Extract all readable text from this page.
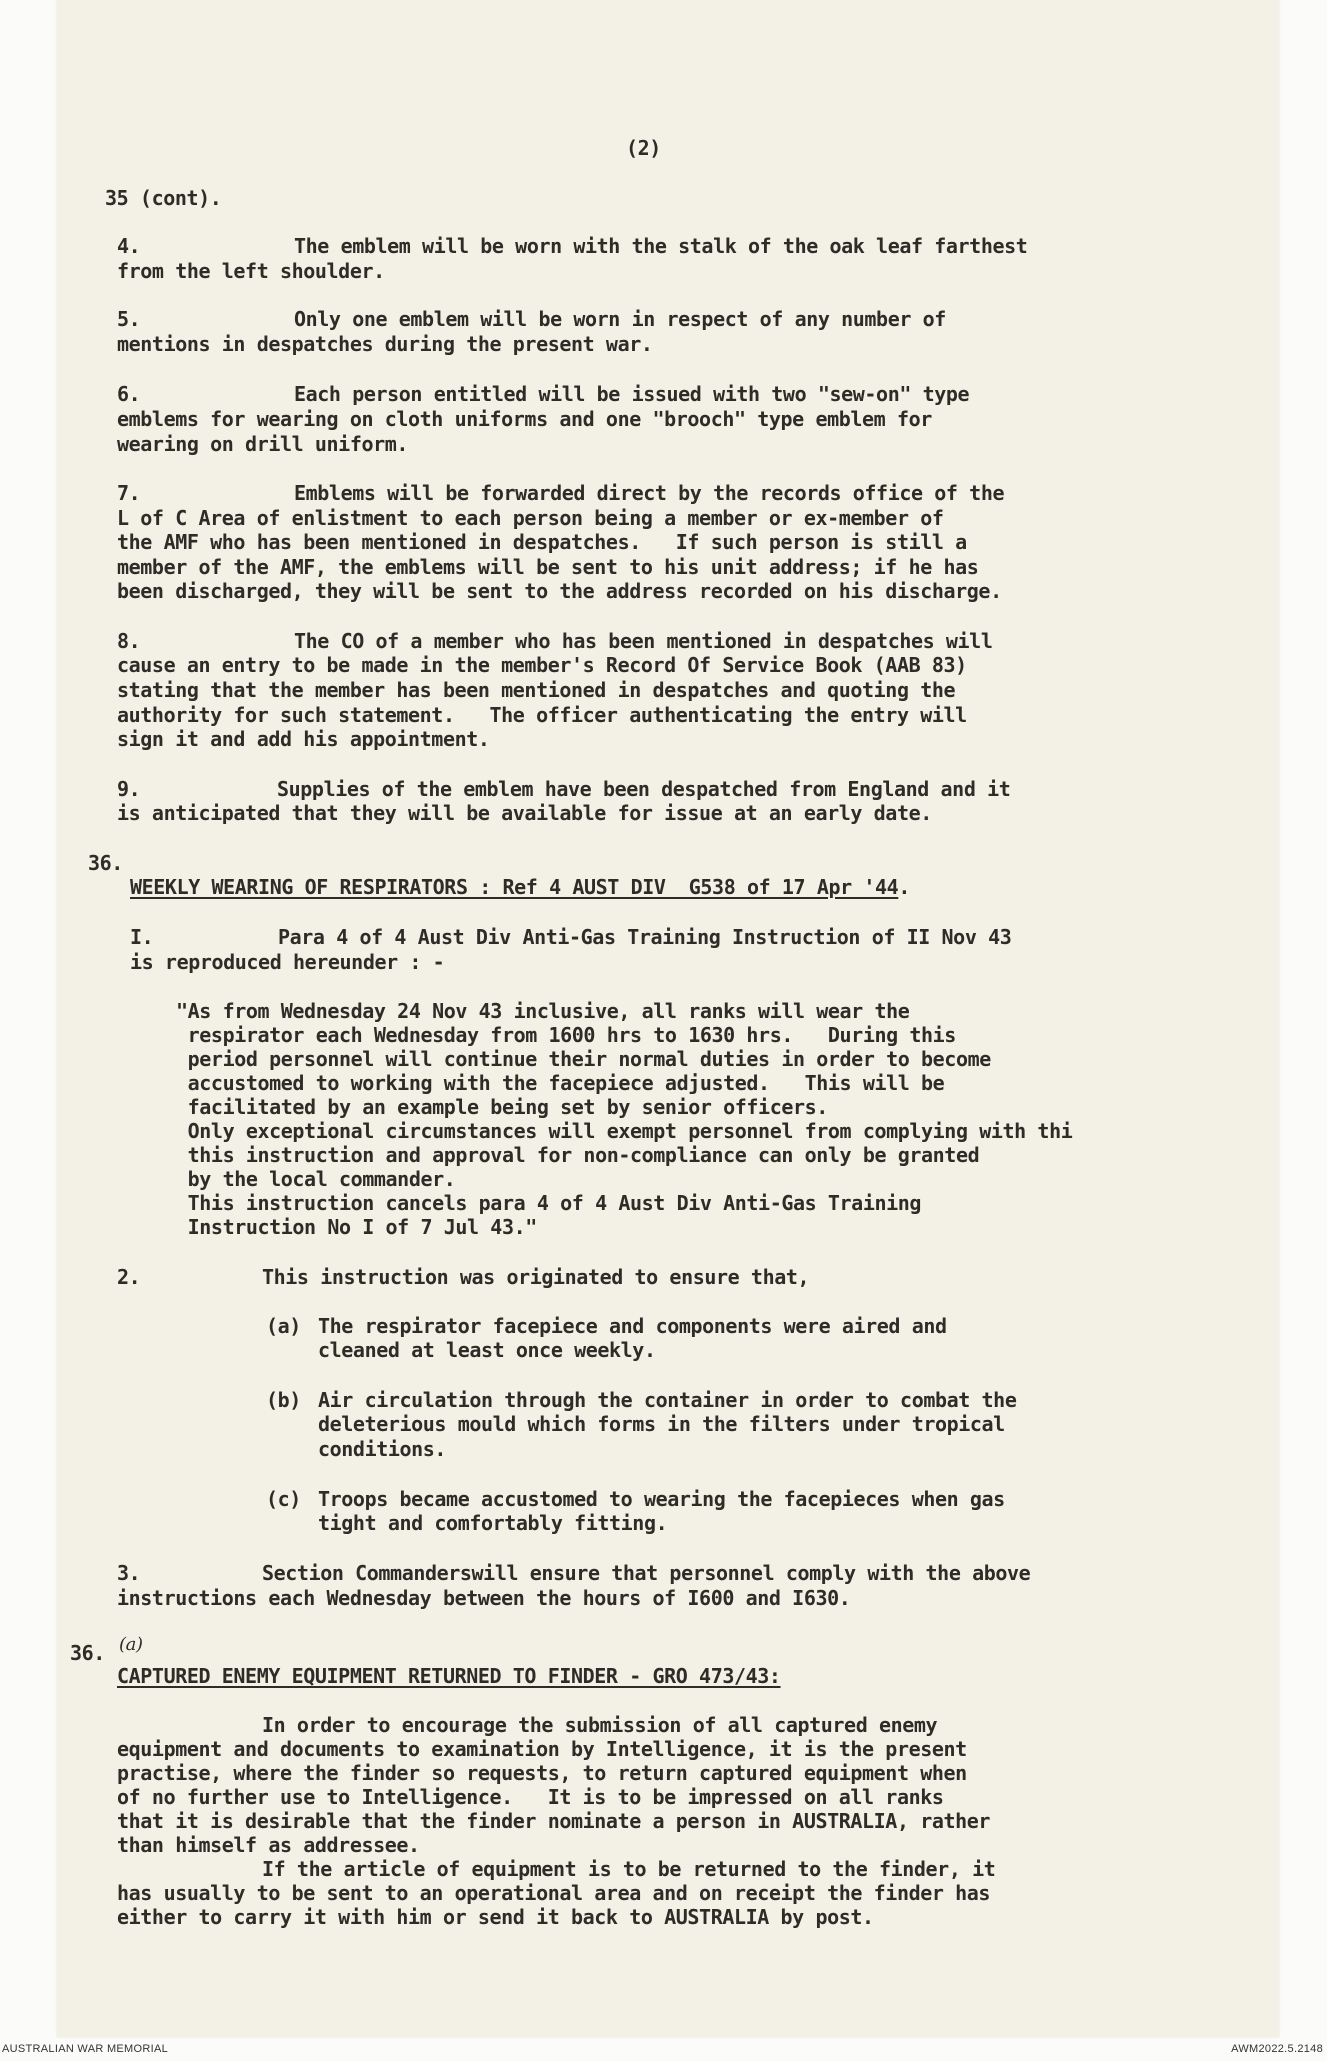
(2)
35 (cont).
4.	The emblem will be worn with the stalk of the oak leaf farthest
from the left shoulder.
5.	Only one emblem will be worn in respect of any number of
mentions in despatches during the present war.
6.	Each person entitled will be issued with two "sew-on" type
emblems for wearing on cloth uniforms and one "brooch" type emblem for
wearing on drill uniform.
7.	Emblems will be forwarded direct by the records office of the
L of C Area of enlistment to each person being a member or ex-member of
the AMF who has been mentioned in despatches.   If such person is still a
member of the AMF, the emblems will be sent to his unit address; if he has
been discharged, they will be sent to the address recorded on his discharge.
8.	The CO of a member who has been mentioned in despatches will
cause an entry to be made in the member's Record Of Service Book (AAB 83)
stating that the member has been mentioned in despatches and quoting the
authority for such statement.   The officer authenticating the entry will
sign it and add his appointment.
9.	Supplies of the emblem have been despatched from England and it
is anticipated that they will be available for issue at an early date.
36.
WEEKLY WEARING OF RESPIRATORS : Ref 4 AUST DIV  G538 of 17 Apr '44.
I.	Para 4 of 4 Aust Div Anti-Gas Training Instruction of II Nov 43
is reproduced hereunder : -
"As from Wednesday 24 Nov 43 inclusive, all ranks will wear the
respirator each Wednesday from 1600 hrs to 1630 hrs.   During this
period personnel will continue their normal duties in order to become
accustomed to working with the facepiece adjusted.   This will be
facilitated by an example being set by senior officers.
Only exceptional circumstances will exempt personnel from complying with thi
this instruction and approval for non-compliance can only be granted
by the local commander.
This instruction cancels para 4 of 4 Aust Div Anti-Gas Training
Instruction No I of 7 Jul 43."
2.	This instruction was originated to ensure that,
(a) The respirator facepiece and components were aired and
cleaned at least once weekly.
(b) Air circulation through the container in order to combat the
deleterious mould which forms in the filters under tropical
conditions.
(c) Troops became accustomed to wearing the facepieces when gas
tight and comfortably fitting.
3.	Section Commanderswill ensure that personnel comply with the above
instructions each Wednesday between the hours of I600 and I630.
36. (a)
CAPTURED ENEMY EQUIPMENT RETURNED TO FINDER - GRO 473/43:
In order to encourage the submission of all captured enemy
equipment and documents to examination by Intelligence, it is the present
practise, where the finder so requests, to return captured equipment when
of no further use to Intelligence.   It is to be impressed on all ranks
that it is desirable that the finder nominate a person in AUSTRALIA, rather
than himself as addressee.
If the article of equipment is to be returned to the finder, it
has usually to be sent to an operational area and on receipt the finder has
either to carry it with him or send it back to AUSTRALIA by post.
AUSTRALIAN WAR MEMORIAL	AWM2022.5.2148
